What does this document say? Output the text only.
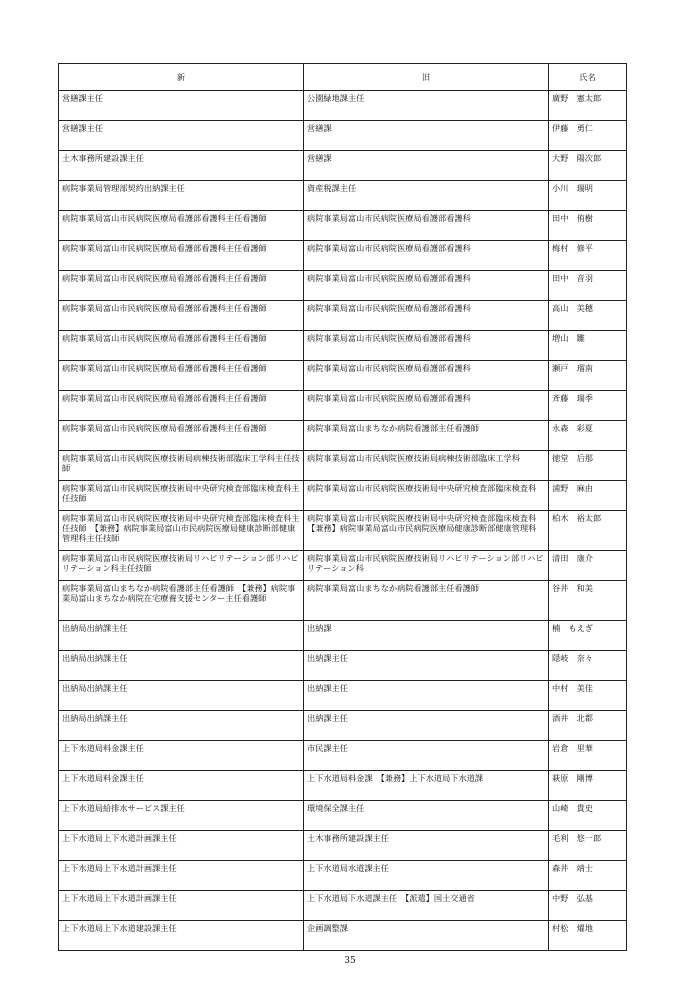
新	旧	氏名
営繕課主任	公園緑地課主任	廣野　憲太郎
営繕課主任	営繕課	伊藤　勇仁
土木事務所建設課主任	営繕課	大野　陽次郎
病院事業局管理部契約出納課主任	資産税課主任	小川　瑞明
病院事業局富山市民病院医療局看護部看護科主任看護師	病院事業局富山市民病院医療局看護部看護科	田中　侑樹
病院事業局富山市民病院医療局看護部看護科主任看護師	病院事業局富山市民病院医療局看護部看護科	梅村　修平
病院事業局富山市民病院医療局看護部看護科主任看護師	病院事業局富山市民病院医療局看護部看護科	田中　音羽
病院事業局富山市民病院医療局看護部看護科主任看護師	病院事業局富山市民病院医療局看護部看護科	高山　美穂
病院事業局富山市民病院医療局看護部看護科主任看護師	病院事業局富山市民病院医療局看護部看護科	増山　雛
病院事業局富山市民病院医療局看護部看護科主任看護師	病院事業局富山市民病院医療局看護部看護科	瀬戸　瑠南
病院事業局富山市民病院医療局看護部看護科主任看護師	病院事業局富山市民病院医療局看護部看護科	斉藤　瑞季
病院事業局富山市民病院医療局看護部看護科主任看護師	病院事業局富山まちなか病院看護部主任看護師	永森　彩夏
病院事業局富山市民病院医療技術局病棟技術部臨床工学科主任技師	病院事業局富山市民病院医療技術局病棟技術部臨床工学科	徳堂　后那
病院事業局富山市民病院医療技術局中央研究検査部臨床検査科主任技師	病院事業局富山市民病院医療技術局中央研究検査部臨床検査科	浦野　麻由
病院事業局富山市民病院医療技術局中央研究検査部臨床検査科主任技師　【兼務】病院事業局富山市民病院医療局健康診断部健康管理科主任技師	病院事業局富山市民病院医療技術局中央研究検査部臨床検査科　【兼務】病院事業局富山市民病院医療局健康診断部健康管理科	柏木　裕太郎
病院事業局富山市民病院医療技術局リハビリテーション部リハビリテーション科主任技師	病院事業局富山市民病院医療技術局リハビリテーション部リハビリテーション科	清田　康介
病院事業局富山まちなか病院看護部主任看護師　【兼務】病院事業局富山まちなか病院在宅療養支援センター主任看護師	病院事業局富山まちなか病院看護部主任看護師	谷井　和美
出納局出納課主任	出納課	楠　もえぎ
出納局出納課主任	出納課主任	隠岐　奈々
出納局出納課主任	出納課主任	中村　美佳
出納局出納課主任	出納課主任	酒井　北都
上下水道局料金課主任	市民課主任	岩倉　里華
上下水道局料金課主任	上下水道局料金課　【兼務】上下水道局下水道課	萩原　剛博
上下水道局給排水サービス課主任	環境保全課主任	山崎　貴史
上下水道局上下水道計画課主任	土木事務所建設課主任	毛利　悠一郎
上下水道局上下水道計画課主任	上下水道局水道課主任	森井　靖士
上下水道局上下水道計画課主任	上下水道局下水道課主任　【派遣】国土交通省	中野　弘基
上下水道局上下水道建設課主任	企画調整課	村松　燿地
35
